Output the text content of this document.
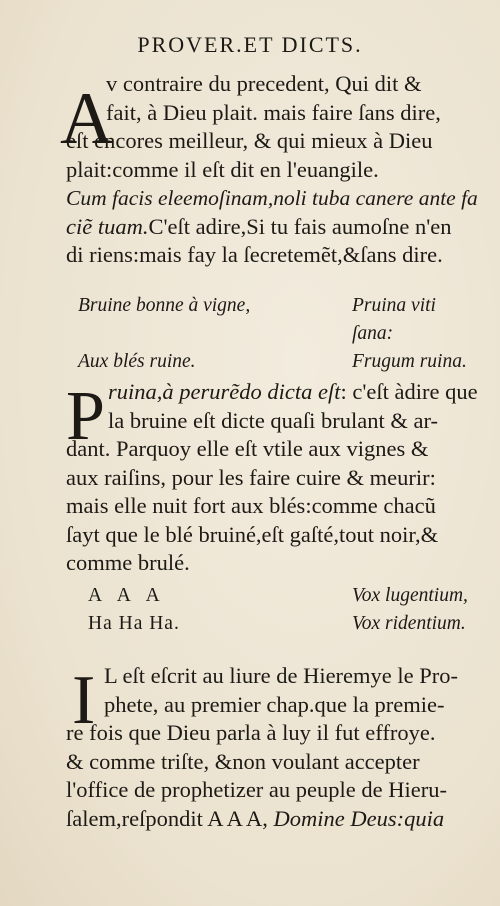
PROVER.ET DICTS.
A
v contraire du precedent, Qui dit &
fait, à Dieu plait. mais faire ſans dire,
eſt encores meilleur, & qui mieux à Dieu
plait:comme il eſt dit en l'euangile.
Cum facis eleemoſinam,noli tuba canere ante fa
ciẽ tuam.C'eſt adire,Si tu fais aumoſne n'en
di riens:mais fay la ſecretemẽt,&ſans dire.
Bruine bonne à vigne,	Pruina viti ſana:
Aux blés ruine.	Frugum ruina.
P ruina,à perurẽdo dicta eſt: c'eſt àdire que
la bruine eſt dicte quaſi brulant & ar-
dant. Parquoy elle eſt vtile aux vignes &
aux raiſins, pour les faire cuire & meurir:
mais elle nuit fort aux blés:comme chacũ
ſayt que le blé bruiné,eſt gaſté,tout noir,&
comme brulé.
A A A	Vox lugentium,
Ha Ha Ha.	Vox ridentium.
I L eſt eſcrit au liure de Hieremye le Pro-
phete, au premier chap.que la premie-
re fois que Dieu parla à luy il fut effroye.
& comme triſte, &non voulant accepter
l'office de prophetizer au peuple de Hieru-
ſalem,reſpondit A A A, Domine Deus:quia
